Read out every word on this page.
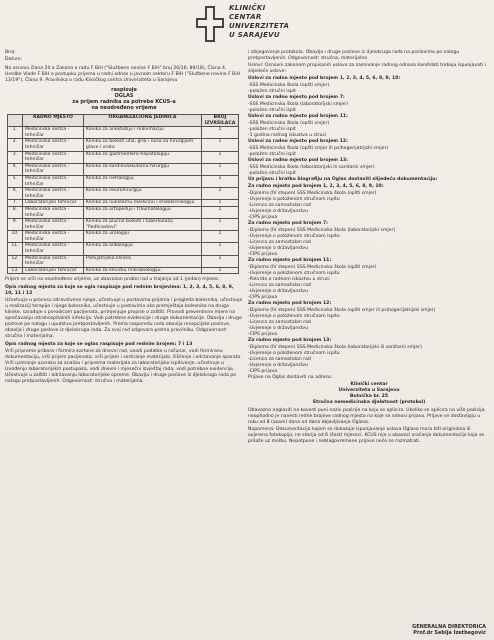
KLINIČKI
CENTAR
UNIVERZITETA
U SARAJEVU
Broj:
Datum:
Na osnovu člana 20 a Zakona o radu F BiH ("Službene novine F BiH" broj 26/16; 89/18), Člana 4. Uredbe Vlade F BiH o postupku prijema u radni odnos u javnom sektoru F BiH ("Službene novine F BiH 13/19"), Člana 9. Pravilnika o radu Kliničkog centra Univerziteta u Sarajevu
raspisuje
OGLAS
za prijem radnika za potrebe KCUS-a
na neodređeno vrijeme
	RADNO MJESTO	ORGANIZACIONA JEDINICA	BROJ IZVRŠILACA
1.	Medicinska sestra - tehničar	Klinika za anesteziju i reanimaciju	1
2.	Medicinska sestra - tehničar	Klinika za bolesti uha, grla i nosa sa hirurgijom glave i vrata	1
3.	Medicinska sestra - tehničar	Klinika za gastroentero-hepatologiju	1
4.	Medicinska sestra - tehničar	Klinika za kardiovaskularnu hirurgiju	1
5.	Medicinska sestra - tehničar	Klinika za nefrologiju	1
6.	Medicinska sestra - tehničar	Klinika za neurohirurgiju	2
7.	Laboratorijski tehničar	Klinika za nuklearnu medicinu i endokrinologiju	1
8.	Medicinska sestra - tehničar	Klinika za ortopediju i traumatologiju	1
9.	Medicinska sestra - tehničar	Klinika za plućne bolesti i tuberkulozu "Podhrastovi"	1
10.	Medicinska sestra - tehničar	Klinika za urologiju	1
11.	Medicinska sestra - tehničar	Klinika za onkologiju	1
12.	Medicinska sestra - tehničar	Psihijatrijska klinika	1
13.	Laboratorijski tehničar	Klinika za kliničku mikrobiologiju	1
Prijem se vrši na neodređeno vrijeme, uz obavezan probni rad u trajanju od 1 (jedan) mjesec.
Opis radnog mjesta za koje se ogla raspisuje pod rednim brojevima: 1, 2, 3, 4, 5, 6, 8, 9, 10, 11 i 12
Učestvuje u procesu zdravstvene njege, učestvuje u postavima prijema i pregleda bolesnika, učestvuje u realizaciji terapije i njege bolesnika, učestvuje u postavima oko premještaja bolesnika na druga klinike, sarađuje s porodicom pacijenata, primjenjuje propise o zaštiti. Provodi preventivne mjere na sprečavanju intrahospitalnih infekcija. Vodi potrebne evidencije i druge dokumentacije. Obavlja i druge poslove po nalogu i uputstvu pretpostavljenih. Prema rasporedu rada obavlja recepcijske poslove, obavlja i druge poslove iz djelokruga rada. Za svoj rad odgovara prema pravilniku. Odgovornost: stručna i materijalna.
Opis radnog mjesta za koje se oglas raspisuje pod rednim brojem: 7 i 13
Vrši pripreme pribora i formira kartone za dnevni rad, uvodi podatke u računar, vodi formiranu dokumentaciju, vrši prijem pacijenata, vrši prijem i sortiranje materijala, čišćenje i održavanje aparata. Vrši uzimanje uzoraka za analizu i priprema materijala za laboratorijsko ispitivanje, učestvuje u izvođenju laboratorijskih postupaka, vodi dnevni i mjesečni izvještaj rada, vodi potrebne evidencije. Učestvuje u zaštiti i održavanju laboratorijske opreme. Obavlja i druge poslove iz djelokruga rada po nalogu pretpostavljenih. Odgovornost: stručna i materijalna.
i izbjegavanje protokola. Obavlja i druge poslove iz djelokruga rada na poslovima po nalogu pretpostavljenih. Odgovornost: stručna, materijalna
Uslovi: Osnovni zakonom propisanih uslova za zasnivanje radnog odnosa kandidati trebaju ispunjavati i slijedeće uslove:
Uslovi za radno mjesto pod brojem 1, 2, 3, 4, 5, 6, 8, 9, 10:
-SSS Medicinska škola (opšti smjer)
-položen stručni ispit
Uslovi za radno mjesto pod brojem 7:
-SSS Medicinska škola (laboratorijski smjer)
-položen stručni ispit
Uslovi za radno mjesto pod brojem 11:
-SSS Medicinska škola (opšti smjer)
-položen stručni ispit
-1 godina radnog iskustva u struci
Uslovi za radno mjesto pod brojem 12:
-SSS Medicinska škola (opšti smjer ili psihogerijatrijski smjer)
-položen stručni ispit
Uslovi za radno mjesto pod brojem 13:
-SSS Medicinska škola (laboratorijski ili sanitarni smjer)
-položen stručni ispit
Uz prijavu i kratku biografiju na Oglas dostaviti slijedeću dokumentaciju:
Za radno mjesto pod brojem 1, 2, 3, 4, 5, 6, 8, 9, 10:
-Diploma (IV stepen) SSS Medicinska škola (opšti smjer)
-Uvjerenje o položenom stručnom ispitu
-Licenca za samostalan rad
-Uvjerenje o državljanstvu
-CIPS prijava
Za radno mjesto pod brojem 7:
-Diploma (IV stepen) SSS Medicinska škola (laboratorijski smjer)
-Uvjerenje o položenom stručnom ispitu
-Licenca za samostalan rad
-Uvjerenje o državljanstvu
-CIPS prijava
Za radno mjesto pod brojem 11:
-Diploma (IV stepen) SSS Medicinska škola (opšti smjer)
-Uvjerenje o položenom stručnom ispitu
-Potvrda o radnom iskustvu u struci
-Licenca za samostalan rad
-Uvjerenje o državljanstvu
-CIPS prijava
Za radno mjesto pod brojem 12:
-Diploma (IV stepen) SSS Medicinska škola (opšti smjer ili psihogerijatrijski smjer)
-Uvjerenje o položenom stručnom ispitu
-Licenca za samostalan rad
-Uvjerenje o državljanstvu
-CIPS prijava
Za radno mjesto pod brojem 13:
-Diploma (IV stepen) SSS Medicinska škola (laboratorijski ili sanitarni smjer)
-Uvjerenje o položenom stručnom ispitu
-Licenca za samostalan rad
-Uvjerenje o državljanstvu
-CIPS prijava
Prijave na Oglas dostaviti na adresu:
Klinički centar
Univerziteta u Sarajevu
Bolnička br. 25
Stručna nemedicinska djelatnost (protokol)
Obavezno naglasiti na koverti puni naziv pozicije na koju se aplicira. Ukoliko se aplicira na više pozicija, neophodno je navesti redne brojeve radnog mjesta na koje se odnosi prijava. Prijave se dostavljaju u roku od 8 (osam) dana od dana objavljivanja Oglasa.
Napomena: Dokumentacija kojom se dokazuje ispunjavanje uslova Oglasa mora biti originalna ili ovjerena fotokopija, ne starija od 6 (šest) mjeseci. KCUS nije u obavezi vraćanja dokumentacije koja se prilaže uz molbu. Nepotpune i neblagovremene prijave neće se razmatrati.
GENERALNA DIREKTORICA
Prof.dr Sebija Izetbegović
